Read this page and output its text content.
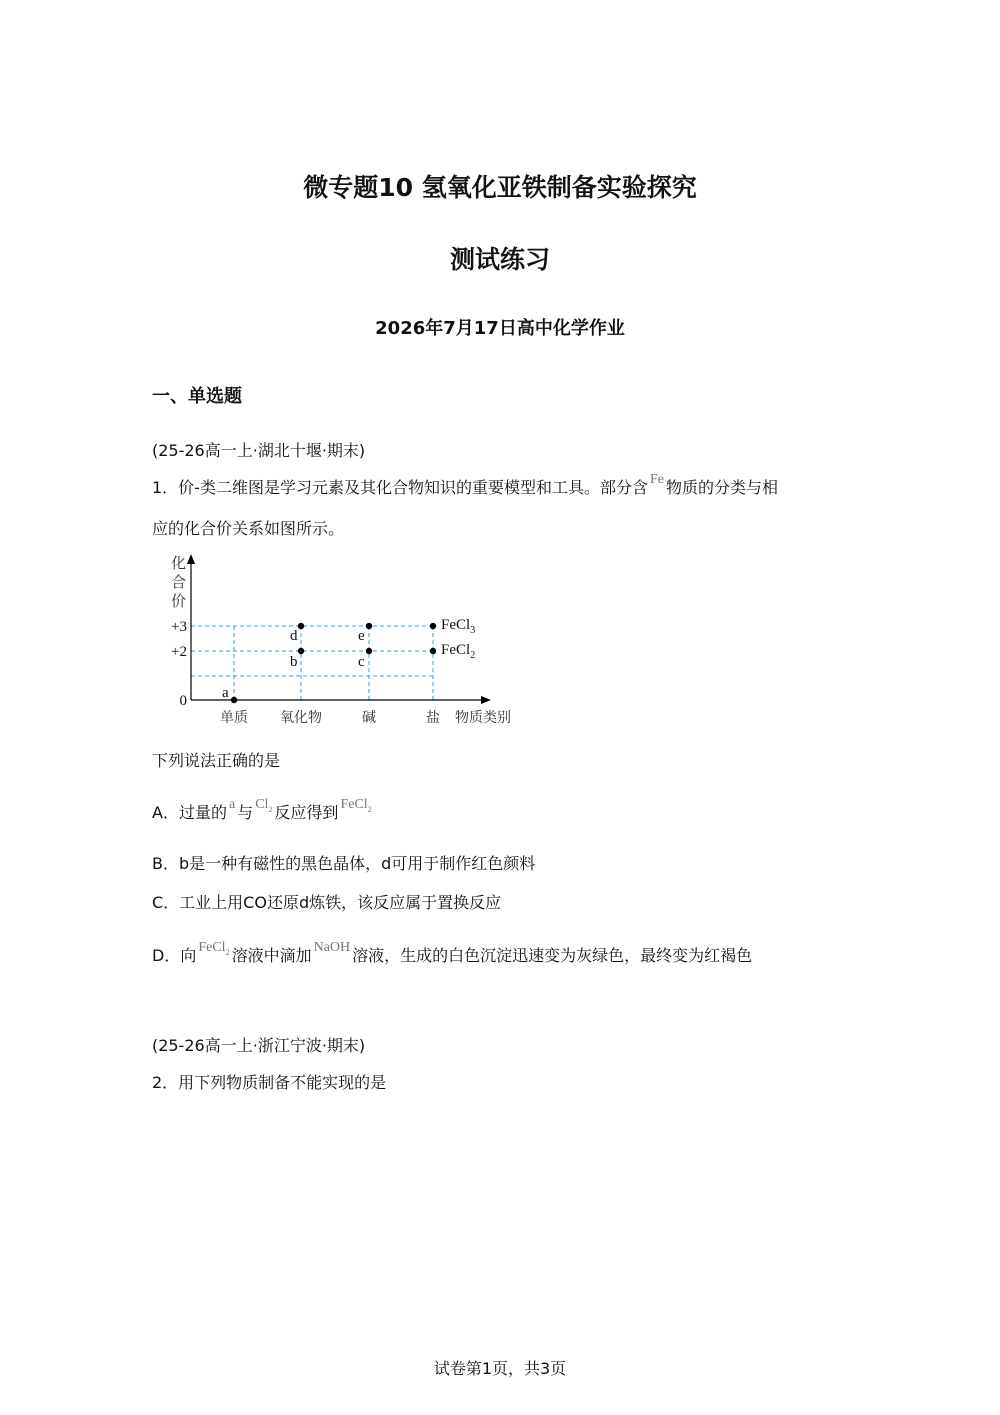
微专题10 氢氧化亚铁制备实验探究
测试练习
2026年7月17日高中化学作业
一、单选题
(25-26高一上·湖北十堰·期末)
1．价-类二维图是学习元素及其化合物知识的重要模型和工具。部分含 Fe 物质的分类与相
应的化合价关系如图所示。
化
合
价
+3
+2
0
单质 氧化物	碱	盐 物质类别
a
d
b
e
c
FeCl$_3$
FeCl$_2$
下列说法正确的是
A．过量的 a 与 $Cl_2$ 反应得到 FeCl$_2$
B．b是一种有磁性的黑色晶体，d可用于制作红色颜料
C．工业上用CO还原d炼铁，该反应属于置换反应
D．向 FeCl$_2$ 溶液中滴加 NaOH 溶液，生成的白色沉淀迅速变为灰绿色，最终变为红褐色
(25-26高一上·浙江宁波·期末)
2．用下列物质制备不能实现的是
试卷第1页，共3页
